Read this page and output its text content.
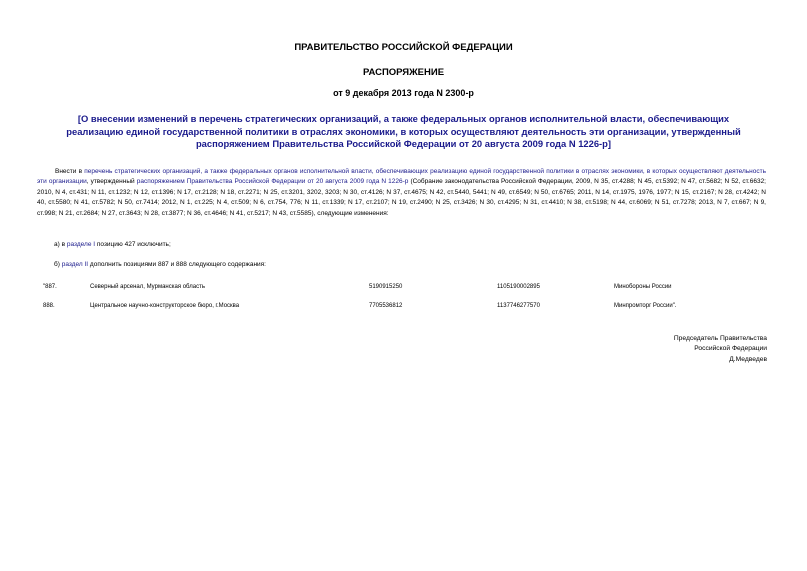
ПРАВИТЕЛЬСТВО РОССИЙСКОЙ ФЕДЕРАЦИИ
РАСПОРЯЖЕНИЕ
от 9 декабря 2013 года N 2300-р
[О внесении изменений в перечень стратегических организаций, а также федеральных органов исполнительной власти, обеспечивающих реализацию единой государственной политики в отраслях экономики, в которых осуществляют деятельность эти организации, утвержденный распоряжением Правительства Российской Федерации от 20 августа 2009 года N 1226-р]
Внести в перечень стратегических организаций, а также федеральных органов исполнительной власти, обеспечивающих реализацию единой государственной политики в отраслях экономики, в которых осуществляют деятельность эти организации, утвержденный распоряжением Правительства Российской Федерации от 20 августа 2009 года N 1226-р (Собрание законодательства Российской Федерации, 2009, N 35, ст.4288; N 45, ст.5392; N 47, ст.5682; N 52, ст.6632; 2010, N 4, ст.431; N 11, ст.1232; N 12, ст.1396; N 17, ст.2128; N 18, ст.2271; N 25, ст.3201, 3202, 3203; N 30, ст.4126; N 37, ст.4675; N 42, ст.5440, 5441; N 49, ст.6549; N 50, ст.6765; 2011, N 14, ст.1975, 1976, 1977; N 15, ст.2167; N 28, ст.4242; N 40, ст.5580; N 41, ст.5782; N 50, ст.7414; 2012, N 1, ст.225; N 4, ст.509; N 6, ст.754, 776; N 11, ст.1339; N 17, ст.2107; N 19, ст.2490; N 25, ст.3426; N 30, ст.4295; N 31, ст.4410; N 38, ст.5198; N 44, ст.6069; N 51, ст.7278; 2013, N 7, ст.667; N 9, ст.998; N 21, ст.2684; N 27, ст.3643; N 28, ст.3877; N 36, ст.4646; N 41, ст.5217; N 43, ст.5585), следующие изменения:
а) в разделе I позицию 427 исключить;
б) раздел II дополнить позициями 887 и 888 следующего содержания:
"887.	Северный арсенал, Мурманская область	5190915250	1105190002895	Минобороны России
888.	Центральное научно-конструкторское бюро, г.Москва	7705536812	1137746277570	Минпромторг России".
Председатель Правительства
Российской Федерации
Д.Медведев
